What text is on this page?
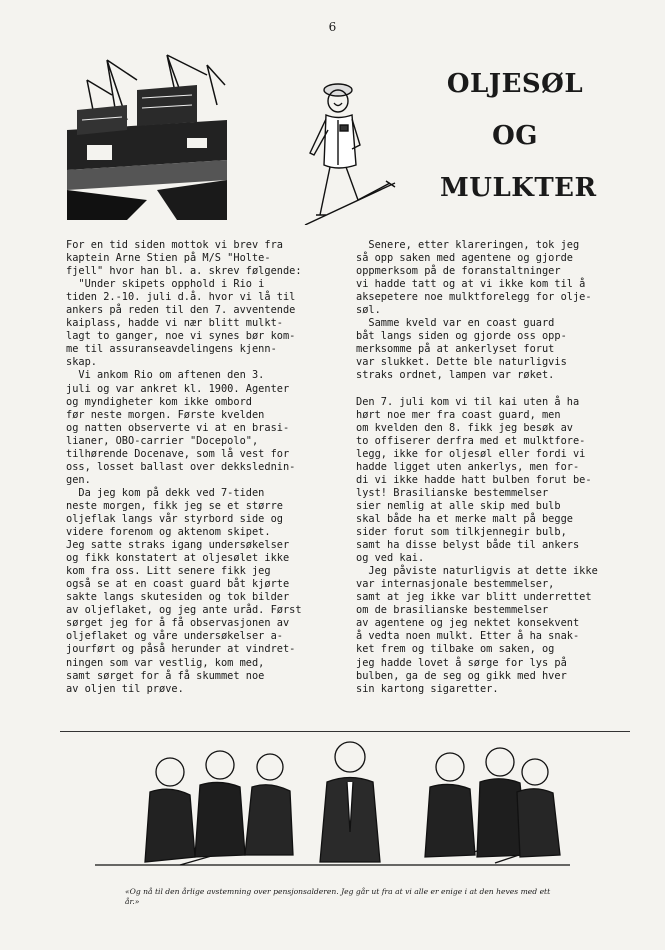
6
OLJESØL
OG
MULKTER
For en tid siden mottok vi brev fra
kaptein Arne Stien på M/S "Holte-
fjell" hvor han bl. a. skrev følgende:
"Under skipets opphold i Rio i
tiden 2.-10. juli d.å. hvor vi lå til
ankers på reden til den 7. avventende
kaiplass, hadde vi nær blitt mulkt-
lagt to ganger, noe vi synes bør kom-
me til assuranseavdelingens kjenn-
skap.
Vi ankom Rio om aftenen den 3.
juli og var ankret kl. 1900. Agenter
og myndigheter kom ikke ombord
før neste morgen. Første kvelden
og natten observerte vi at en brasi-
lianer, OBO-carrier "Docepolo",
tilhørende Docenave, som lå vest for
oss, losset ballast over dekkslednin-
gen.
Da jeg kom på dekk ved 7-tiden
neste morgen, fikk jeg se et større
oljeflak langs vår styrbord side og
videre forenom og aktenom skipet.
Jeg satte straks igang undersøkelser
og fikk konstatert at oljesølet ikke
kom fra oss. Litt senere fikk jeg
også se at en coast guard båt kjørte
sakte langs skutesiden og tok bilder
av oljeflaket, og jeg ante uråd. Først
sørget jeg for å få observasjonen av
oljeflaket og våre undersøkelser a-
jourført og påså herunder at vindret-
ningen som var vestlig, kom med,
samt sørget for å få skummet noe
av oljen til prøve.
Senere, etter klareringen, tok jeg
så opp saken med agentene og gjorde
oppmerksom på de foranstaltninger
vi hadde tatt og at vi ikke kom til å
aksepetere noe mulktforelegg for olje-
søl.
Samme kveld var en coast guard
båt langs siden og gjorde oss opp-
merksomme på at ankerlyset forut
var slukket. Dette ble naturligvis
straks ordnet, lampen var røket.

Den 7. juli kom vi til kai uten å ha
hørt noe mer fra coast guard, men
om kvelden den 8. fikk jeg besøk av
to offiserer derfra med et mulktfore-
legg, ikke for oljesøl eller fordi vi
hadde ligget uten ankerlys, men for-
di vi ikke hadde hatt bulben forut be-
lyst! Brasilianske bestemmelser
sier nemlig at alle skip med bulb
skal både ha et merke malt på begge
sider forut som tilkjennegir bulb,
samt ha disse belyst både til ankers
og ved kai.
Jeg påviste naturligvis at dette ikke
var internasjonale bestemmelser,
samt at jeg ikke var blitt underrettet
om de brasilianske bestemmelser
av agentene og jeg nektet konsekvent
å vedta noen mulkt. Etter å ha snak-
ket frem og tilbake om saken, og
jeg hadde lovet å sørge for lys på
bulben, ga de seg og gikk med hver
sin kartong sigaretter.
«Og nå til den årlige avstemning over pensjonsalderen. Jeg går ut fra at vi alle er enige i at den heves med ett år.»
